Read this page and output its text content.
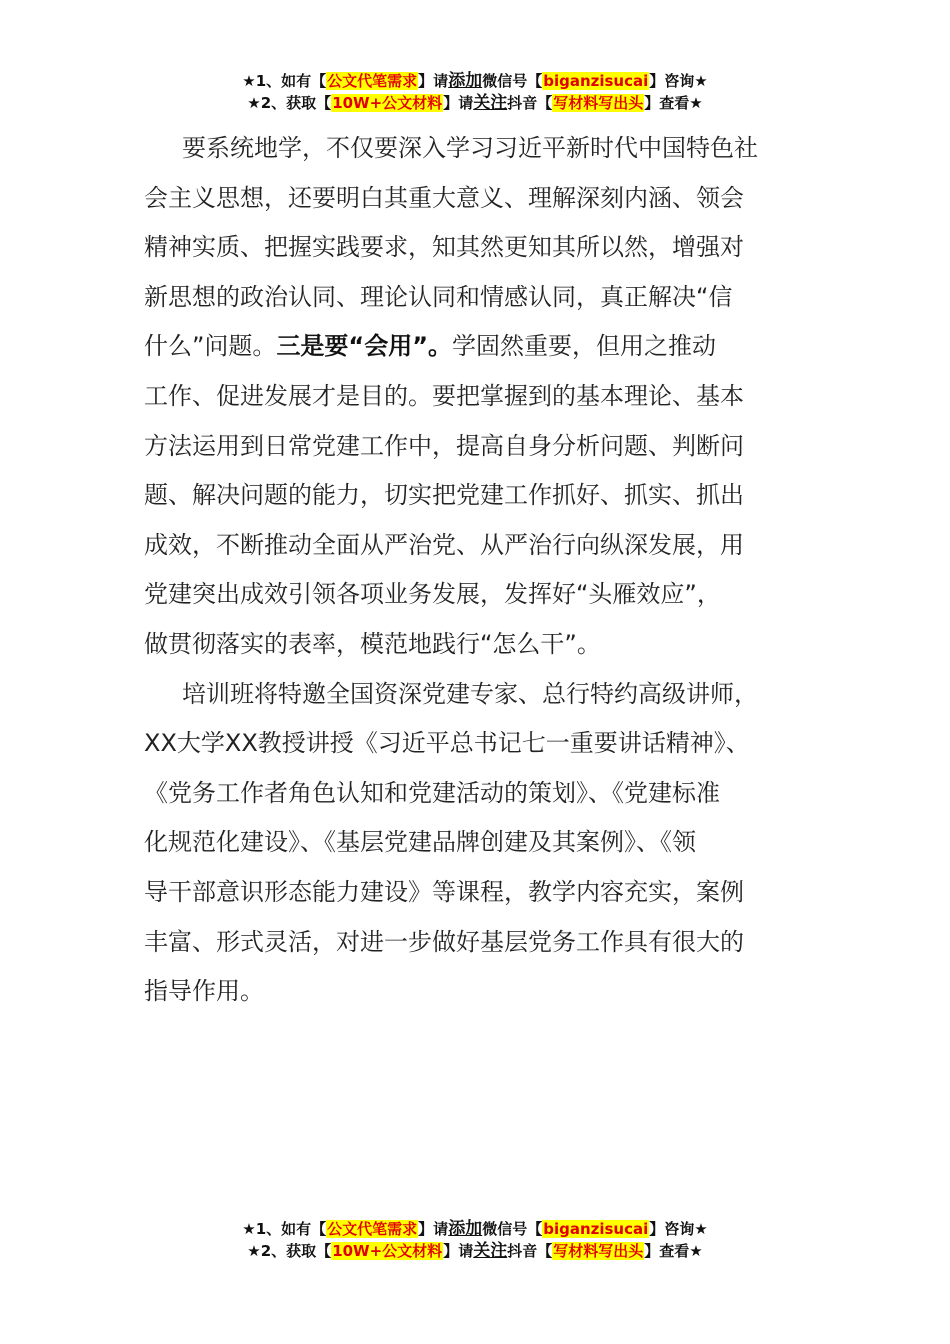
★1、如有【公文代笔需求】请添加微信号【biganzisucai】咨询★
★2、获取【10W+公文材料】请关注抖音【写材料写出头】查看★

要系统地学，不仅要深入学习习近平新时代中国特色社
会主义思想，还要明白其重大意义、理解深刻内涵、领会
精神实质、把握实践要求，知其然更知其所以然，增强对
新思想的政治认同、理论认同和情感认同，真正解决“信
什么”问题。三是要“会用”。学固然重要，但用之推动
工作、促进发展才是目的。要把掌握到的基本理论、基本
方法运用到日常党建工作中，提高自身分析问题、判断问
题、解决问题的能力，切实把党建工作抓好、抓实、抓出
成效，不断推动全面从严治党、从严治行向纵深发展，用
党建突出成效引领各项业务发展，发挥好“头雁效应”，
做贯彻落实的表率，模范地践行“怎么干”。

培训班将特邀全国资深党建专家、总行特约高级讲师，
XX大学XX教授讲授《习近平总书记七一重要讲话精神》、
《党务工作者角色认知和党建活动的策划》、《党建标准
化规范化建设》、《基层党建品牌创建及其案例》、《领
导干部意识形态能力建设》等课程，教学内容充实，案例
丰富、形式灵活，对进一步做好基层党务工作具有很大的
指导作用。

★1、如有【公文代笔需求】请添加微信号【biganzisucai】咨询★
★2、获取【10W+公文材料】请关注抖音【写材料写出头】查看★
